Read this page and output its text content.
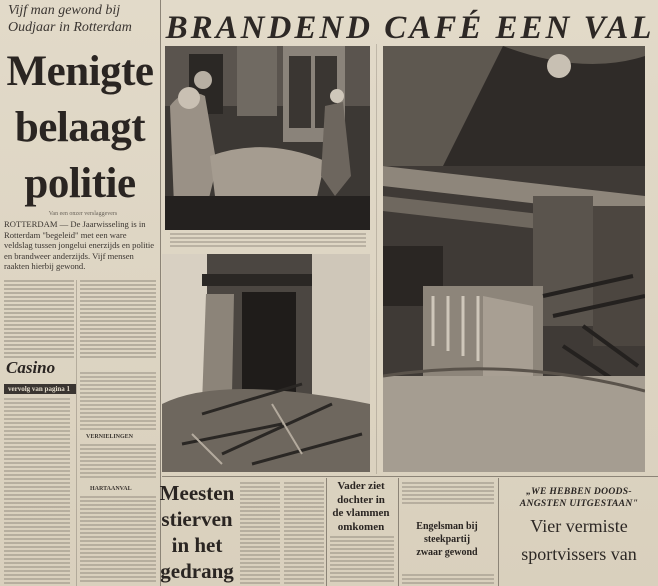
Vijf man gewond bij Oudjaar in Rotterdam
Menigte
belaagt
politie
Van een onzer verslaggevers
ROTTERDAM — De Jaarwisseling is in Rotterdam "begeleid" met een ware veldslag tussen jongelui enerzijds en politie en brandweer anderzijds. Vijf mensen raakten hierbij gewond.
Casino
vervolg van pagina 1
VERNIELINGEN
HARTAANVAL
BRANDEND CAFÉ EEN VAL
Meesten
stierven
in het
gedrang
Vader ziet
dochter in
de vlammen
omkomen	Engelsman bij
steekpartij
zwaar gewond
„WE HEBBEN DOODS-
ANGSTEN UITGESTAAN"
Vier vermiste
sportvissers van
